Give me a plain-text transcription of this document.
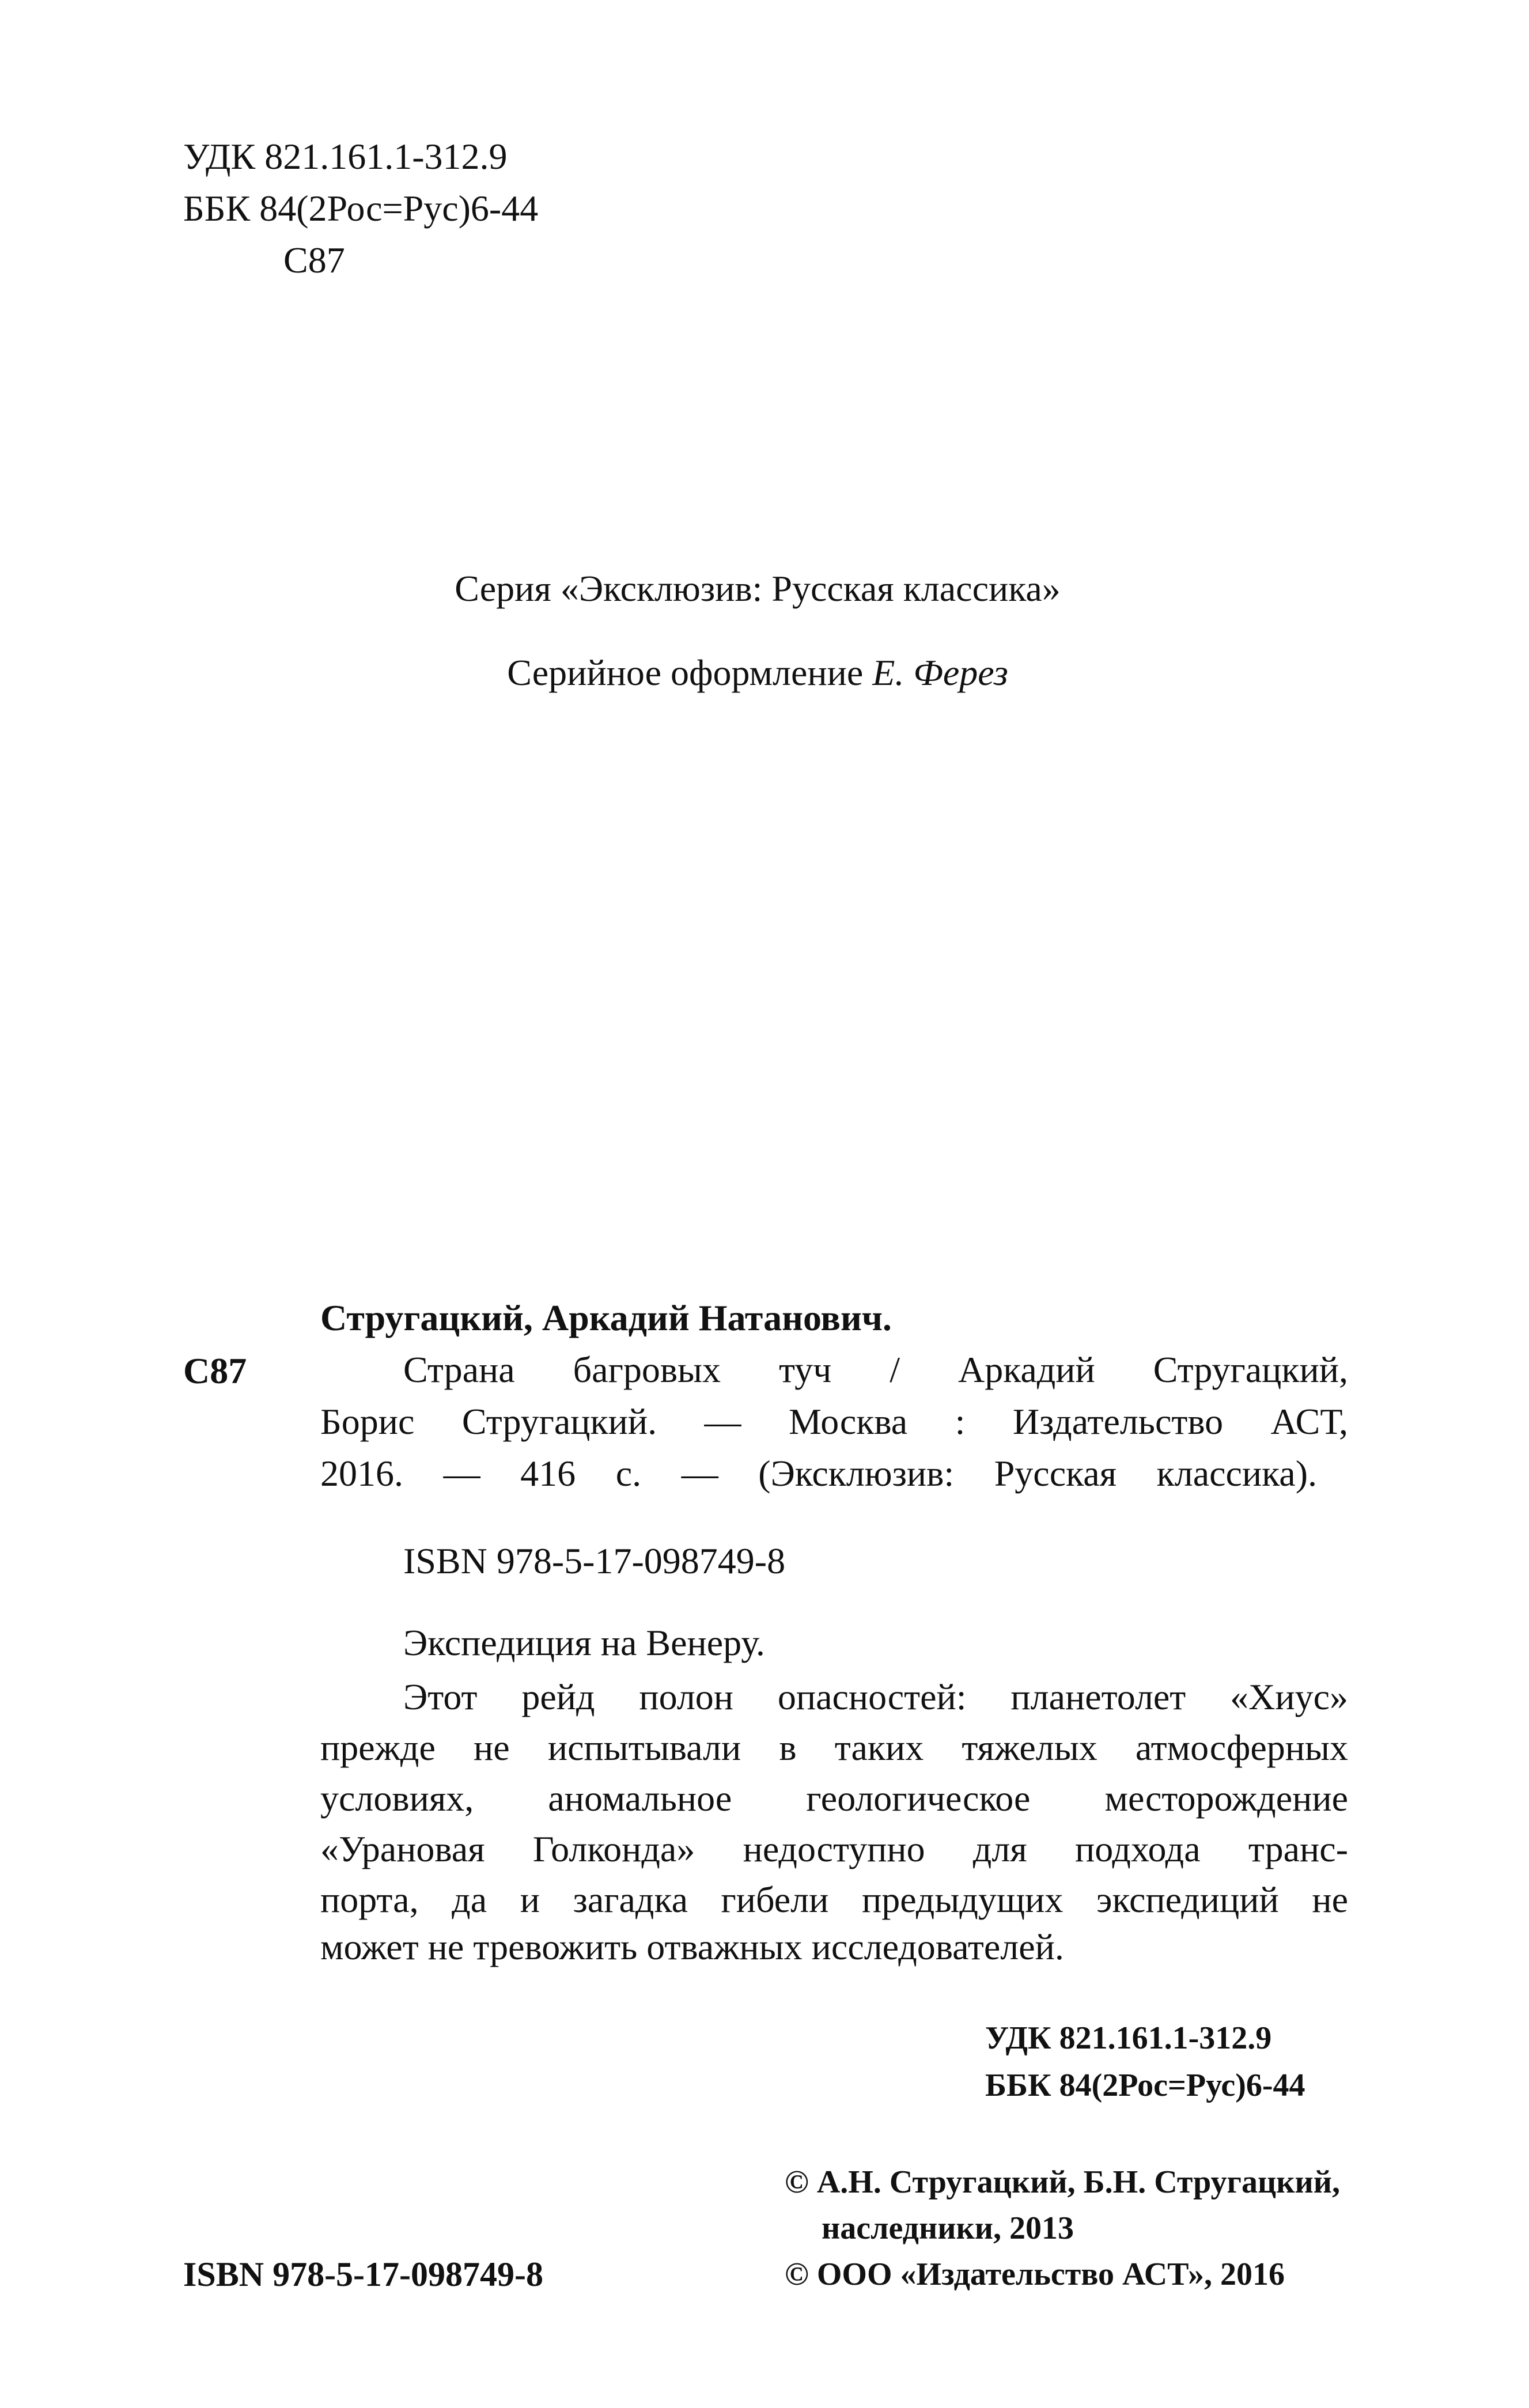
УДК 821.161.1-312.9
ББК 84(2Рос=Рус)6-44
С87
Серия «Эксклюзив: Русская классика»
Серийное оформление Е. Ферез
Стругацкий, Аркадий Натанович.
С87	Страна багровых туч / Аркадий Стругацкий,
Борис Стругацкий. — Москва : Издательство АСТ,
2016. — 416 с. — (Эксклюзив: Русская классика).
ISBN 978-5-17-098749-8
Экспедиция на Венеру.
Этот рейд полон опасностей: планетолет «Хиус»
прежде не испытывали в таких тяжелых атмосферных
условиях, аномальное геологическое месторождение
«Урановая Голконда» недоступно для подхода транс-
порта, да и загадка гибели предыдущих экспедиций не
может не тревожить отважных исследователей.
УДК 821.161.1-312.9
ББК 84(2Рос=Рус)6-44
© А.Н. Стругацкий, Б.Н. Стругацкий,
наследники, 2013
ISBN 978-5-17-098749-8	© ООО «Издательство АСТ», 2016
